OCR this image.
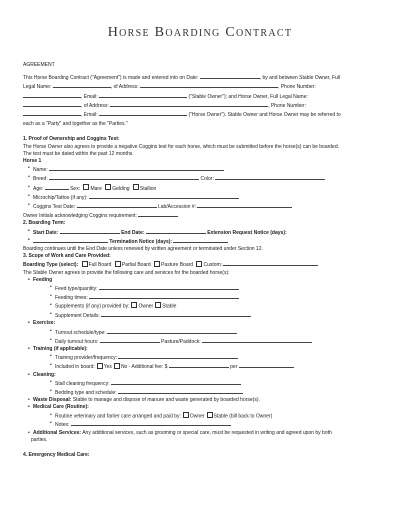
Horse Boarding Contract
AGREEMENT
This Horse Boarding Contract ("Agreement") is made and entered into on Date:	, by and between Stable Owner, Full
Legal Name:	, of Address:	, Phone Number:
, Email:	("Stable Owner"); and Horse Owner, Full Legal Name:
, of Address:	, Phone Number:
, Email:	("Horse Owner"). Stable Owner and Horse Owner may be referred to
each as a "Party" and together as the "Parties."
1. Proof of Ownership and Coggins Test:
The Horse Owner also agrees to provide a negative Coggins test for each horse, which must be submitted before the horse(s) can be boarded.
The test must be dated within the past 12 months.
Horse 1
• Name:
• Breed:	Color:
• Age:	Sex: Mare Gelding Stallion
• Microchip/Tattoo (if any):
• Coggins Test Date:	Lab/Accession #:
Owner Initials acknowledging Coggins requirement:
2. Boarding Term:
• Start Date:	End Date:	Extension Request Notice (days):
• Termination Notice (days):
Boarding continues until the End Date unless renewed by written agreement or terminated under Section 12.
3. Scope of Work and Care Provided:
Boarding Type (select): Full Board Partial Board Pasture Board Custom:
The Stable Owner agrees to provide the following care and services for the boarded horse(s):
• Feeding
• Feed type/quantity:
• Feeding times:
• Supplements (if any) provided by: Owner Stable
• Supplement Details:
• Exercise:
• Turnout schedule/type:
• Daily turnout hours:	Pasture/Paddock:
• Training (if applicable):
• Training provider/frequency:
• Included in board: Yes No - Additional fee: $	per
• Cleaning:
• Stall cleaning frequency:
• Bedding type and schedule:
• Waste Disposal: Stable to manage and dispose of manure and waste generated by boarded horse(s).
• Medical Care (Routine):
• Routine veterinary and farrier care arranged and paid by: Owner Stable (bill back to Owner)
• Notes:
• Additional Services: Any additional services, such as grooming or special care, must be requested in writing and agreed upon by both
parties.
4. Emergency Medical Care:
